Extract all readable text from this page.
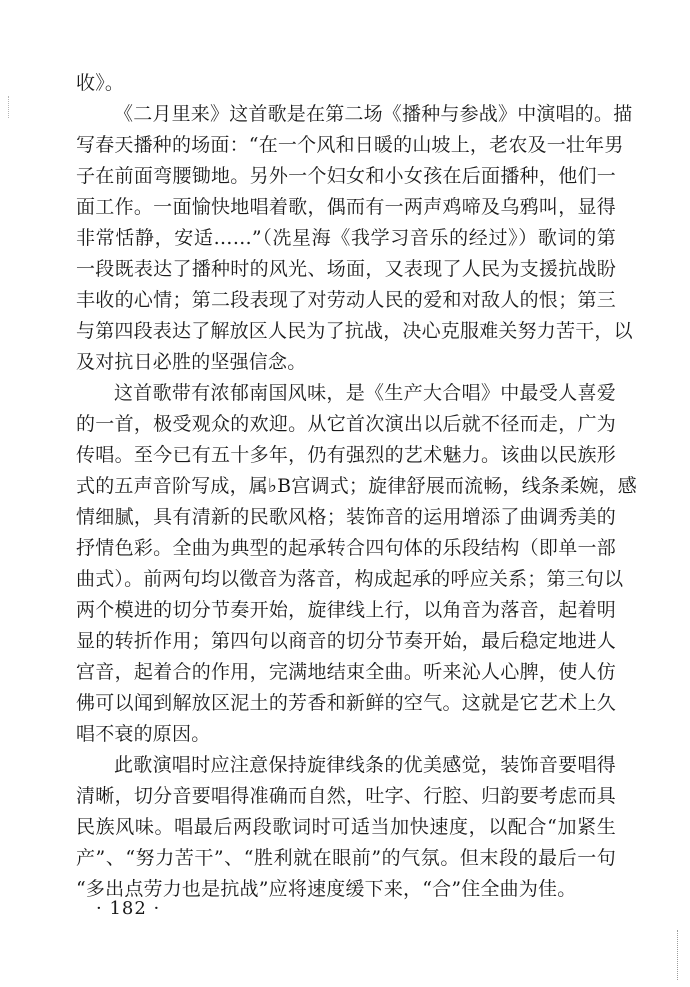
收》。
《二月里来》这首歌是在第二场《播种与参战》中演唱的。描
写春天播种的场面：“在一个风和日暖的山坡上，老农及一壮年男
子在前面弯腰锄地。另外一个妇女和小女孩在后面播种，他们一
面工作。一面愉快地唱着歌，偶而有一两声鸡啼及乌鸦叫，显得
非常恬静，安适……”（冼星海《我学习音乐的经过》）歌词的第
一段既表达了播种时的风光、场面，又表现了人民为支援抗战盼
丰收的心情；第二段表现了对劳动人民的爱和对敌人的恨；第三
与第四段表达了解放区人民为了抗战，决心克服难关努力苦干，以
及对抗日必胜的坚强信念。
这首歌带有浓郁南国风味，是《生产大合唱》中最受人喜爱
的一首，极受观众的欢迎。从它首次演出以后就不径而走，广为
传唱。至今已有五十多年，仍有强烈的艺术魅力。该曲以民族形
式的五声音阶写成，属♭B宫调式；旋律舒展而流畅，线条柔婉，感
情细腻，具有清新的民歌风格；装饰音的运用增添了曲调秀美的
抒情色彩。全曲为典型的起承转合四句体的乐段结构（即单一部
曲式）。前两句均以徵音为落音，构成起承的呼应关系；第三句以
两个模进的切分节奏开始，旋律线上行，以角音为落音，起着明
显的转折作用；第四句以商音的切分节奏开始，最后稳定地进人
宫音，起着合的作用，完满地结束全曲。听来沁人心脾，使人仿
佛可以闻到解放区泥土的芳香和新鲜的空气。这就是它艺术上久
唱不衰的原因。
此歌演唱时应注意保持旋律线条的优美感觉，装饰音要唱得
清晰，切分音要唱得准确而自然，吐字、行腔、归韵要考虑而具
民族风味。唱最后两段歌词时可适当加快速度，以配合“加紧生
产”、“努力苦干”、“胜利就在眼前”的气氛。但末段的最后一句
“多出点劳力也是抗战”应将速度缓下来，“合”住全曲为佳。
· 182 ·
